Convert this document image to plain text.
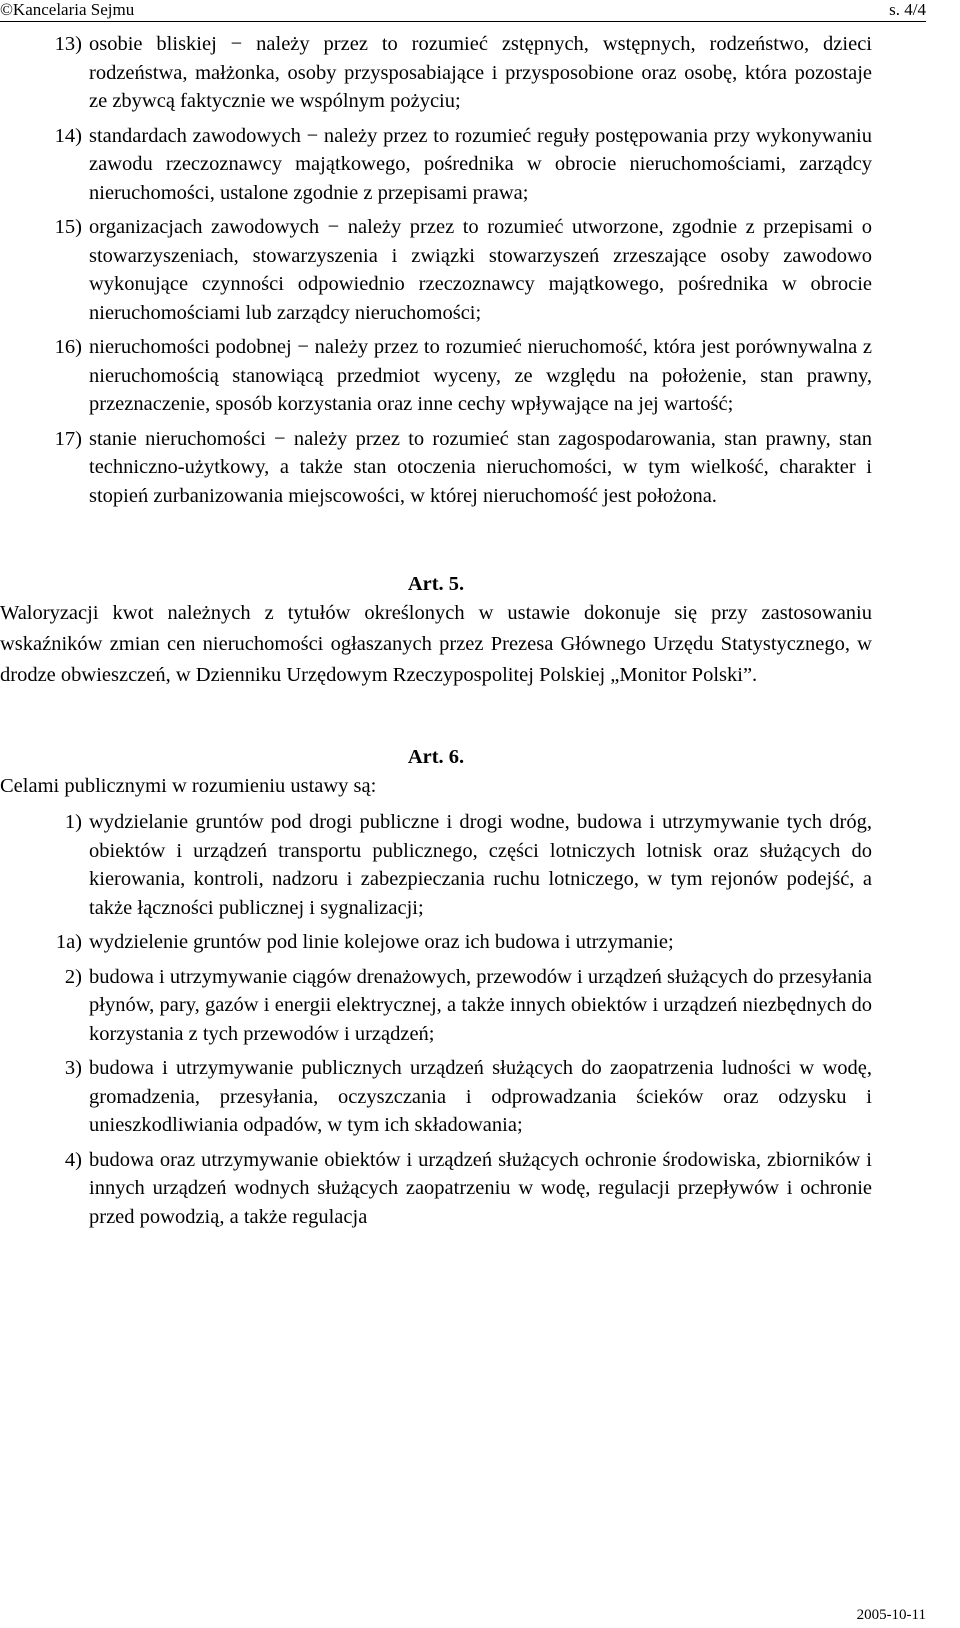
©Kancelaria Sejmu	s. 4/4
13) osobie bliskiej − należy przez to rozumieć zstępnych, wstępnych, rodzeństwo, dzieci rodzeństwa, małżonka, osoby przysposabiające i przysposobione oraz osobę, która pozostaje ze zbywcą faktycznie we wspólnym pożyciu;
14) standardach zawodowych − należy przez to rozumieć reguły postępowania przy wykonywaniu zawodu rzeczoznawcy majątkowego, pośrednika w obrocie nieruchomościami, zarządcy nieruchomości, ustalone zgodnie z przepisami prawa;
15) organizacjach zawodowych − należy przez to rozumieć utworzone, zgodnie z przepisami o stowarzyszeniach, stowarzyszenia i związki stowarzyszeń zrzeszające osoby zawodowo wykonujące czynności odpowiednio rzeczoznawcy majątkowego, pośrednika w obrocie nieruchomościami lub zarządcy nieruchomości;
16) nieruchomości podobnej − należy przez to rozumieć nieruchomość, która jest porównywalna z nieruchomością stanowiącą przedmiot wyceny, ze względu na położenie, stan prawny, przeznaczenie, sposób korzystania oraz inne cechy wpływające na jej wartość;
17) stanie nieruchomości − należy przez to rozumieć stan zagospodarowania, stan prawny, stan techniczno-użytkowy, a także stan otoczenia nieruchomości, w tym wielkość, charakter i stopień zurbanizowania miejscowości, w której nieruchomość jest położona.

Art. 5.

Waloryzacji kwot należnych z tytułów określonych w ustawie dokonuje się przy zastosowaniu wskaźników zmian cen nieruchomości ogłaszanych przez Prezesa Głównego Urzędu Statystycznego, w drodze obwieszczeń, w Dzienniku Urzędowym Rzeczypospolitej Polskiej „Monitor Polski”.

Art. 6.

Celami publicznymi w rozumieniu ustawy są:

1) wydzielanie gruntów pod drogi publiczne i drogi wodne, budowa i utrzymywanie tych dróg, obiektów i urządzeń transportu publicznego, części lotniczych lotnisk oraz służących do kierowania, kontroli, nadzoru i zabezpieczania ruchu lotniczego, w tym rejonów podejść, a także łączności publicznej i sygnalizacji;
1a) wydzielenie gruntów pod linie kolejowe oraz ich budowa i utrzymanie;
2) budowa i utrzymywanie ciągów drenażowych, przewodów i urządzeń służących do przesyłania płynów, pary, gazów i energii elektrycznej, a także innych obiektów i urządzeń niezbędnych do korzystania z tych przewodów i urządzeń;
3) budowa i utrzymywanie publicznych urządzeń służących do zaopatrzenia ludności w wodę, gromadzenia, przesyłania, oczyszczania i odprowadzania ścieków oraz odzysku i unieszkodliwiania odpadów, w tym ich składowania;
4) budowa oraz utrzymywanie obiektów i urządzeń służących ochronie środowiska, zbiorników i innych urządzeń wodnych służących zaopatrzeniu w wodę, regulacji przepływów i ochronie przed powodzią, a także regulacja
2005-10-11
